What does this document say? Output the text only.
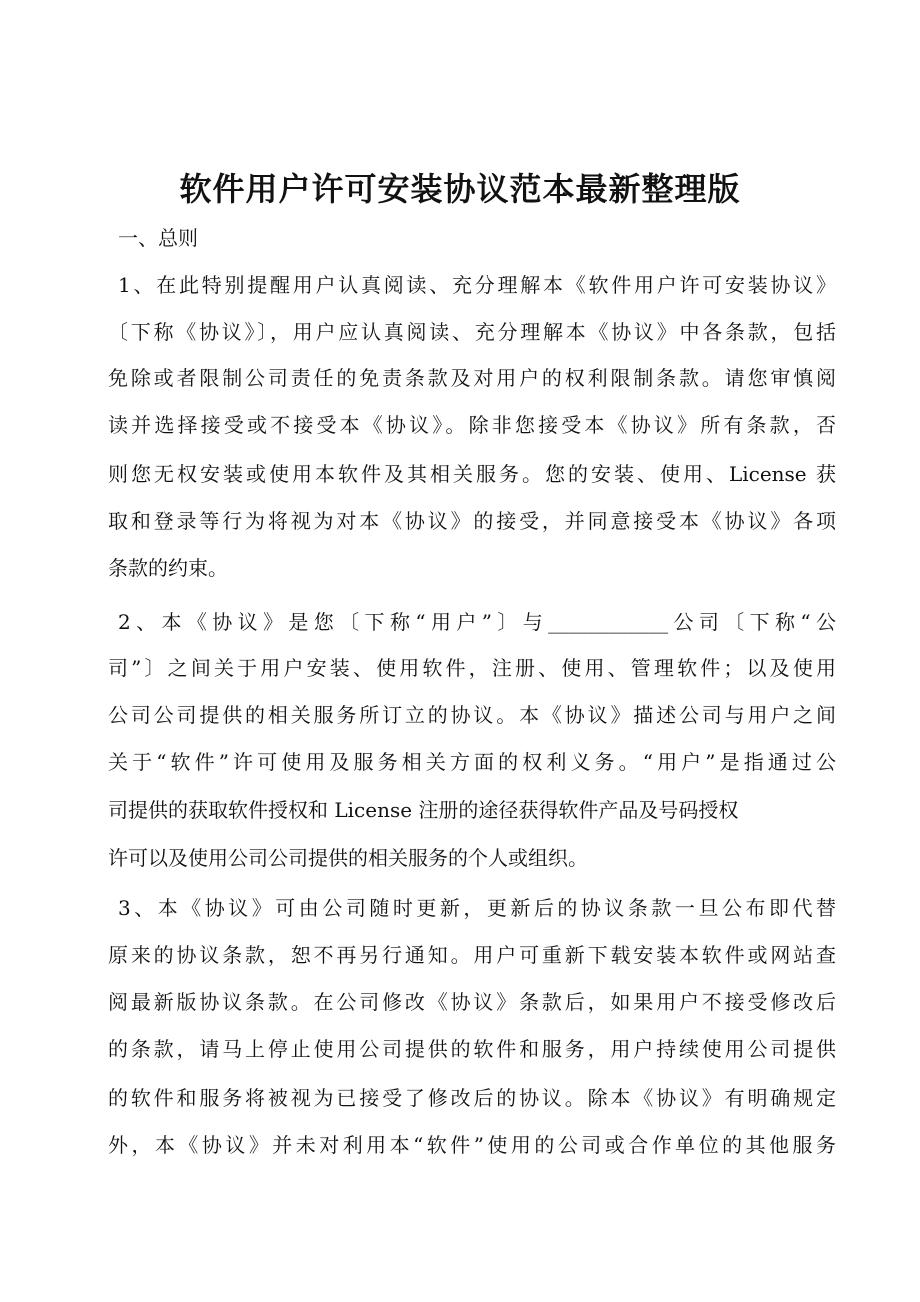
软件用户许可安装协议范本最新整理版
一、总则
1、在此特别提醒用户认真阅读、充分理解本《软件用户许可安装协议》
〔下称《协议》〕，用户应认真阅读、充分理解本《协议》中各条款，包括
免除或者限制公司责任的免责条款及对用户的权利限制条款。请您审慎阅
读并选择接受或不接受本《协议》。除非您接受本《协议》所有条款，否
则您无权安装或使用本软件及其相关服务。您的安装、使用、License 获
取和登录等行为将视为对本《协议》的接受，并同意接受本《协议》各项
条款的约束。
2、本《协议》是您〔下称“用户”〕与____________公司〔下称“公
司”〕之间关于用户安装、使用软件，注册、使用、管理软件；以及使用
公司公司提供的相关服务所订立的协议。本《协议》描述公司与用户之间
关于“软件”许可使用及服务相关方面的权利义务。“用户”是指通过公
司提供的获取软件授权和 License 注册的途径获得软件产品及号码授权
许可以及使用公司公司提供的相关服务的个人或组织。
3、本《协议》可由公司随时更新，更新后的协议条款一旦公布即代替
原来的协议条款，恕不再另行通知。用户可重新下载安装本软件或网站查
阅最新版协议条款。在公司修改《协议》条款后，如果用户不接受修改后
的条款，请马上停止使用公司提供的软件和服务，用户持续使用公司提供
的软件和服务将被视为已接受了修改后的协议。除本《协议》有明确规定
外，本《协议》并未对利用本“软件”使用的公司或合作单位的其他服务
